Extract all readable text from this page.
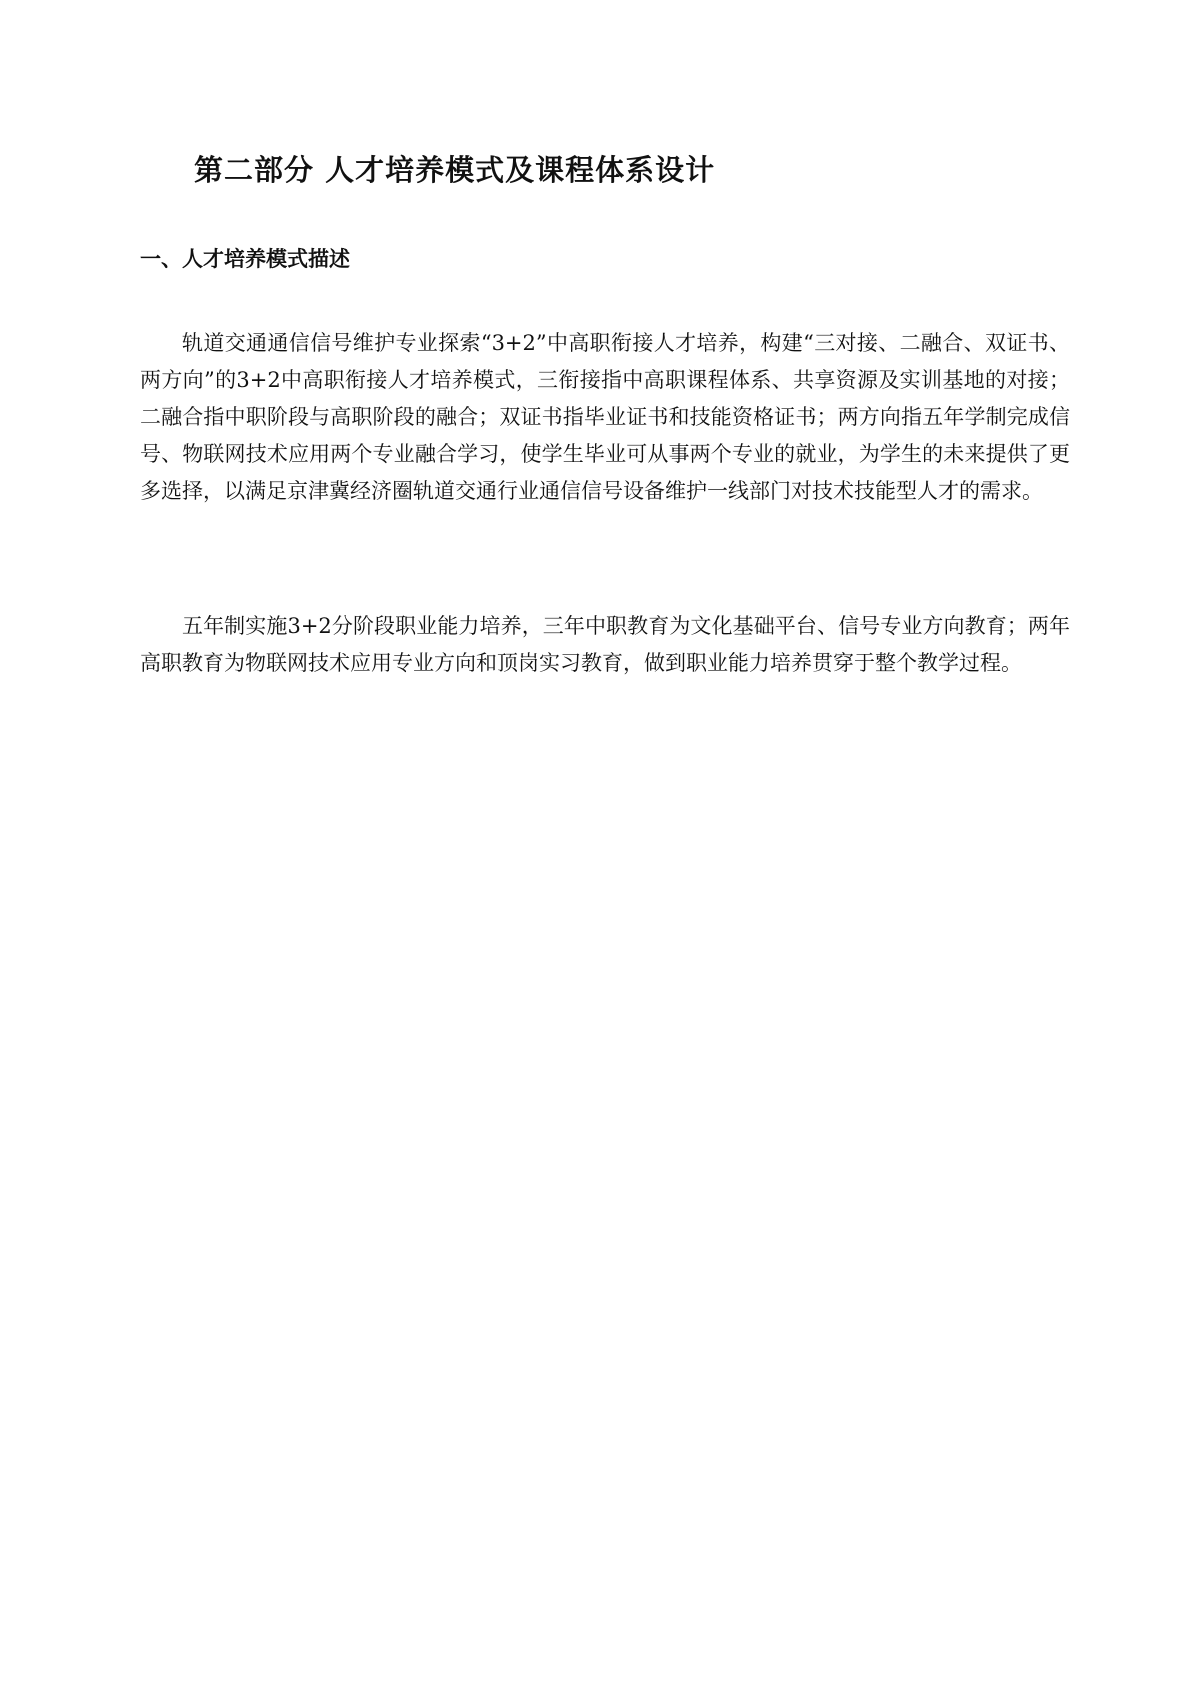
第二部分 人才培养模式及课程体系设计
一、人才培养模式描述

轨道交通通信信号维护专业探索“3+2”中高职衔接人才培养，构建“三对接、二融合、双证书、两方向”的3+2中高职衔接人才培养模式，三衔接指中高职课程体系、共享资源及实训基地的对接；二融合指中职阶段与高职阶段的融合；双证书指毕业证书和技能资格证书；两方向指五年学制完成信号、物联网技术应用两个专业融合学习，使学生毕业可从事两个专业的就业，为学生的未来提供了更多选择，以满足京津冀经济圈轨道交通行业通信信号设备维护一线部门对技术技能型人才的需求。

五年制实施3+2分阶段职业能力培养，三年中职教育为文化基础平台、信号专业方向教育；两年高职教育为物联网技术应用专业方向和顶岗实习教育，做到职业能力培养贯穿于整个教学过程。
